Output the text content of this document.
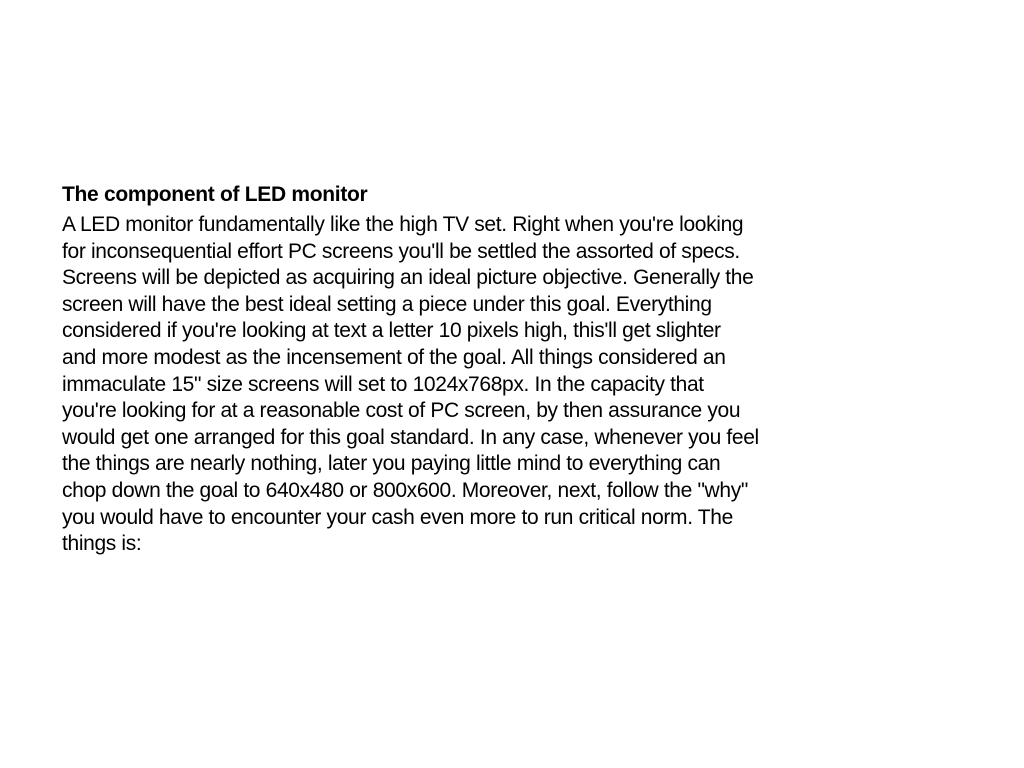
The component of LED monitor
A LED monitor fundamentally like the high TV set. Right when you're looking
for inconsequential effort PC screens you'll be settled the assorted of specs.
Screens will be depicted as acquiring an ideal picture objective. Generally the
screen will have the best ideal setting a piece under this goal. Everything
considered if you're looking at text a letter 10 pixels high, this'll get slighter
and more modest as the incensement of the goal. All things considered an
immaculate 15" size screens will set to 1024x768px. In the capacity that
you're looking for at a reasonable cost of PC screen, by then assurance you
would get one arranged for this goal standard. In any case, whenever you feel
the things are nearly nothing, later you paying little mind to everything can
chop down the goal to 640x480 or 800x600. Moreover, next, follow the "why"
you would have to encounter your cash even more to run critical norm. The
things is:
